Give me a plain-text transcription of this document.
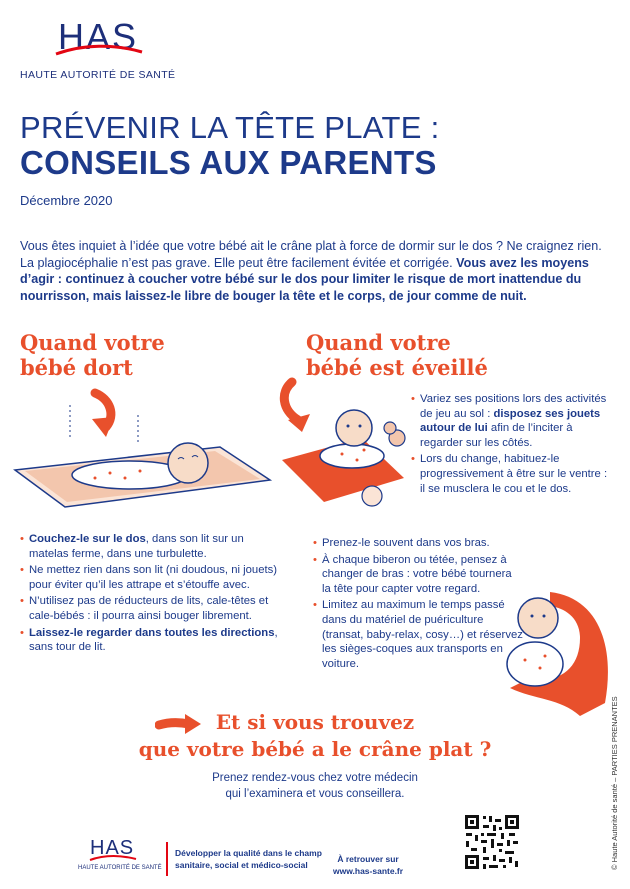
HAS
HAUTE AUTORITÉ DE SANTÉ
PRÉVENIR LA TÊTE PLATE :
CONSEILS AUX PARENTS
Décembre 2020
Vous êtes inquiet à l’idée que votre bébé ait le crâne plat à force de dormir sur le dos ? Ne craignez rien. La plagiocéphalie n’est pas grave. Elle peut être facilement évitée et corrigée. Vous avez les moyens d’agir : continuez à coucher votre bébé sur le dos pour limiter le risque de mort inattendue du nourrisson, mais laissez-le libre de bouger la tête et le corps, de jour comme de nuit.
Quand votre
bébé dort
• Couchez-le sur le dos, dans son lit sur un matelas ferme, dans une turbulette.
• Ne mettez rien dans son lit (ni doudous, ni jouets) pour éviter qu’il les attrape et s’étouffe avec.
• N’utilisez pas de réducteurs de lits, cale-têtes et cale-bébés : il pourra ainsi bouger librement.
• Laissez-le regarder dans toutes les directions, sans tour de lit.
Quand votre
bébé est éveillé
• Variez ses positions lors des activités de jeu au sol : disposez ses jouets autour de lui afin de l’inciter à regarder sur les côtés.
• Lors du change, habituez-le progressivement à être sur le ventre : il se musclera le cou et le dos.
• Prenez-le souvent dans vos bras.
• À chaque biberon ou tétée, pensez à changer de bras : votre bébé tournera la tête pour capter votre regard.
• Limitez au maximum le temps passé dans du matériel de puériculture (transat, baby-relax, cosy…) et réservez les sièges-coques aux transports en voiture.
Et si vous trouvez
que votre bébé a le crâne plat ?
Prenez rendez-vous chez votre médecin
qui l’examinera et vous conseillera.
HAS
HAUTE AUTORITÉ DE SANTÉ
Développer la qualité dans le champ
sanitaire, social et médico-social
À retrouver sur
www.has-sante.fr
© Haute Autorité de santé – PARTIES PRENANTES
